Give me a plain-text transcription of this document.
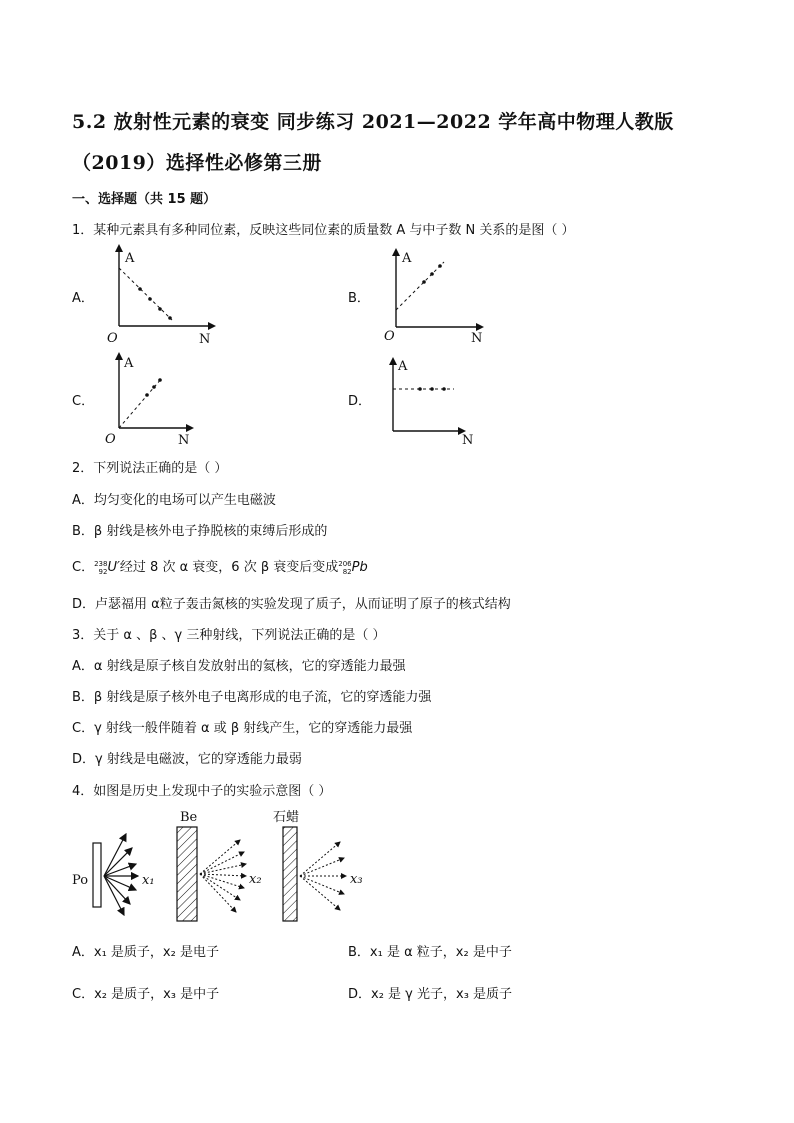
5.2 放射性元素的衰变 同步练习 2021—2022 学年高中物理人教版
（2019）选择性必修第三册
一、选择题（共 15 题）
1．某种元素具有多种同位素，反映这些同位素的质量数 A 与中子数 N 关系的是图（ ）
A．
A
N
O
B．
A
N
O
C．
A
N
O
D．
A
N
2．下列说法正确的是（ ）
A．均匀变化的电场可以产生电磁波
B．β 射线是核外电子挣脱核的束缚后形成的
C． 238
92 U′经过 8 次 α 衰变，6 次 β 衰变后变成 206
82 Pb
D．卢瑟福用 α粒子轰击氮核的实验发现了质子，从而证明了原子的核式结构
3．关于 α 、β 、γ 三种射线，下列说法正确的是（ ）
A．α 射线是原子核自发放射出的氦核，它的穿透能力最强
B．β 射线是原子核外电子电离形成的电子流，它的穿透能力强
C．γ 射线一般伴随着 α 或 β 射线产生，它的穿透能力最强
D．γ 射线是电磁波，它的穿透能力最弱
4．如图是历史上发现中子的实验示意图（ ）
Po	x₁
Be
x₂
石蜡
x₃
A．x₁ 是质子，x₂ 是电子	B．x₁ 是 α 粒子，x₂ 是中子
C．x₂ 是质子，x₃ 是中子	D．x₂ 是 γ 光子，x₃ 是质子
